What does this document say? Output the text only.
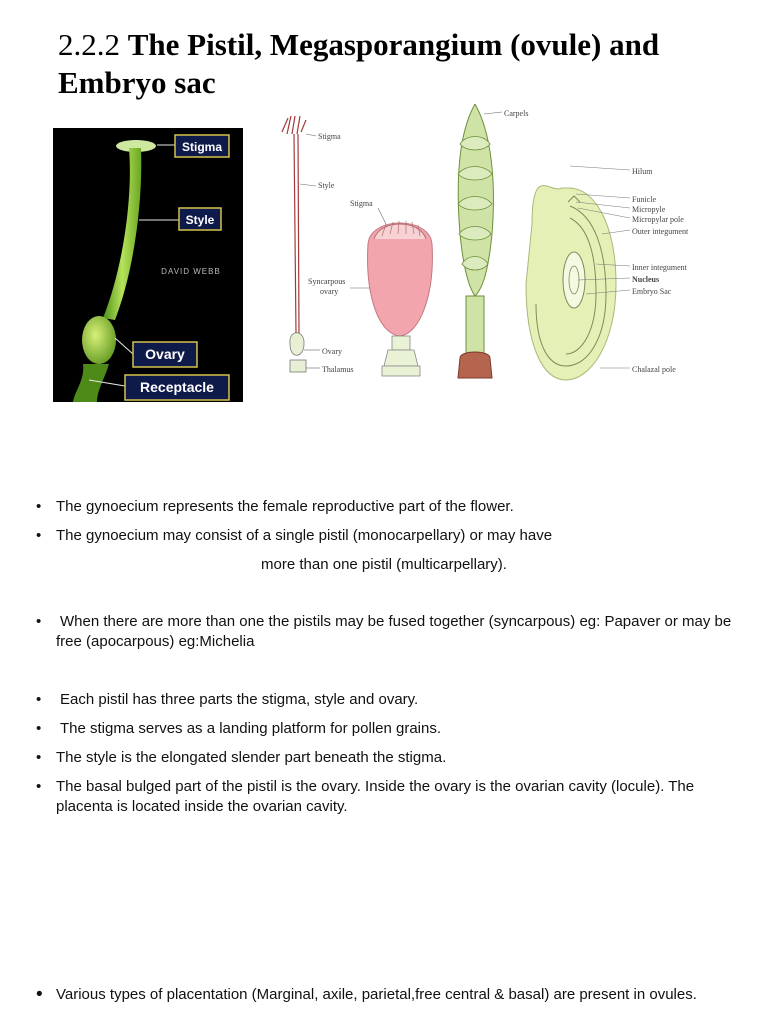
2.2.2 The Pistil, Megasporangium (ovule) and Embryo sac
Stigma
Style
DAVID WEBB
Ovary
Receptacle
Stigma
Style
Ovary
Thalamus
Stigma
Syncarpous
ovary
Carpels
Hilum
Funicle
Micropyle
Micropylar pole
Outer integument
Inner integument
Nucleus
Embryo Sac
Chalazal pole
• The gynoecium represents the female reproductive part of the flower.
• The gynoecium may consist of a single pistil (monocarpellary) or may have
more than one pistil (multicarpellary).
• When there are more than one the pistils may be fused together (syncarpous) eg: Papaver or may be free (apocarpous) eg:Michelia
• Each pistil has three parts the stigma, style and ovary.
• The stigma serves as a landing platform for pollen grains.
• The style is the elongated slender part beneath the stigma.
• The basal bulged part of the pistil is the ovary. Inside the ovary is the ovarian cavity (locule). The placenta is located inside the ovarian cavity.
• Various types of placentation (Marginal, axile, parietal,free central & basal) are present in ovules.
